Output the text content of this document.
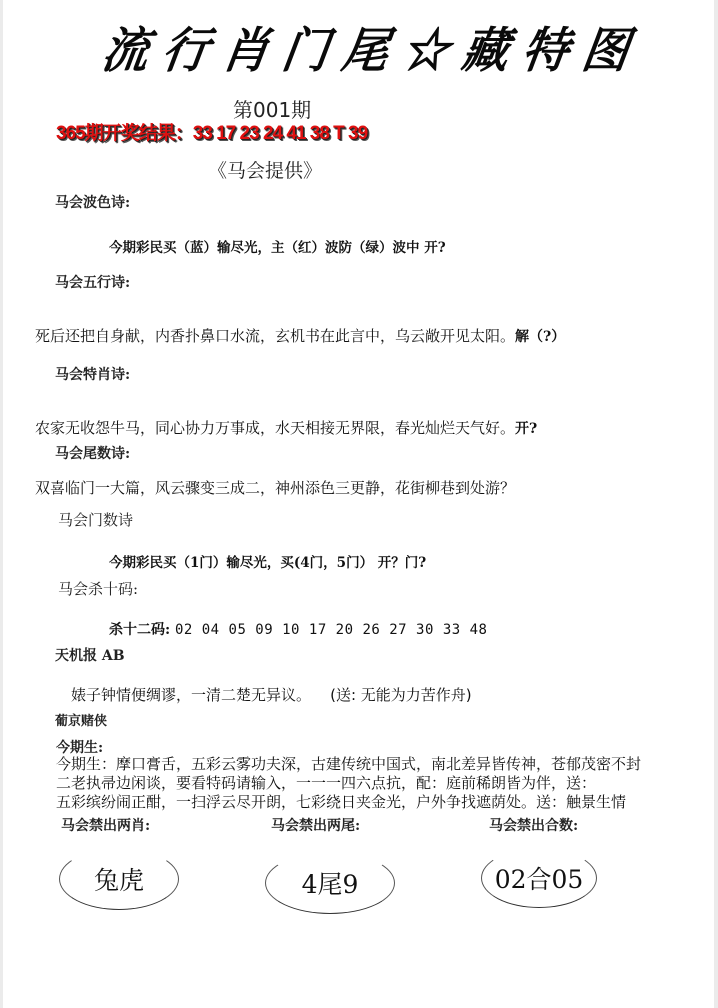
流行肖门尾☆藏特图
第001期
365期开奖结果：33 17 23 24 41 38 T 39
《马会提供》
马会波色诗:
今期彩民买（蓝）输尽光，主（红）波防（绿）波中 开?
马会五行诗:
死后还把自身献，内香扑鼻口水流，玄机书在此言中，乌云敞开见太阳。解（?）
马会特肖诗:
农家无收怨牛马，同心协力万事成，水天相接无界限，春光灿烂天气好。开?
马会尾数诗:
双喜临门一大篇，风云骤变三成二，神州添色三更静，花街柳巷到处游？
马会门数诗
今期彩民买（1门）输尽光，买(4门，5门） 开？门?
马会杀十码:
杀十二码: 02 04 05 09 10 17 20 26 27 30 33 48
天机报 AB
婊子钟情便绸谬，一清二楚无异议。 (送: 无能为力苦作舟)
葡京赌侠
今期生:
今期生：摩口膏舌，五彩云雾功夫深，古建传统中国式，南北差异皆传神，苍郁茂密不封
二老执帚边闲谈，要看特码请输入，一一一四六点抗，配：庭前稀朗皆为伴，送：
五彩缤纷闹正酣，一扫浮云尽开朗，七彩绕日夹金光，户外争找遮荫处。送：触景生情
马会禁出两肖:	马会禁出两尾:	马会禁出合数:
兔虎	4尾9	02合05
